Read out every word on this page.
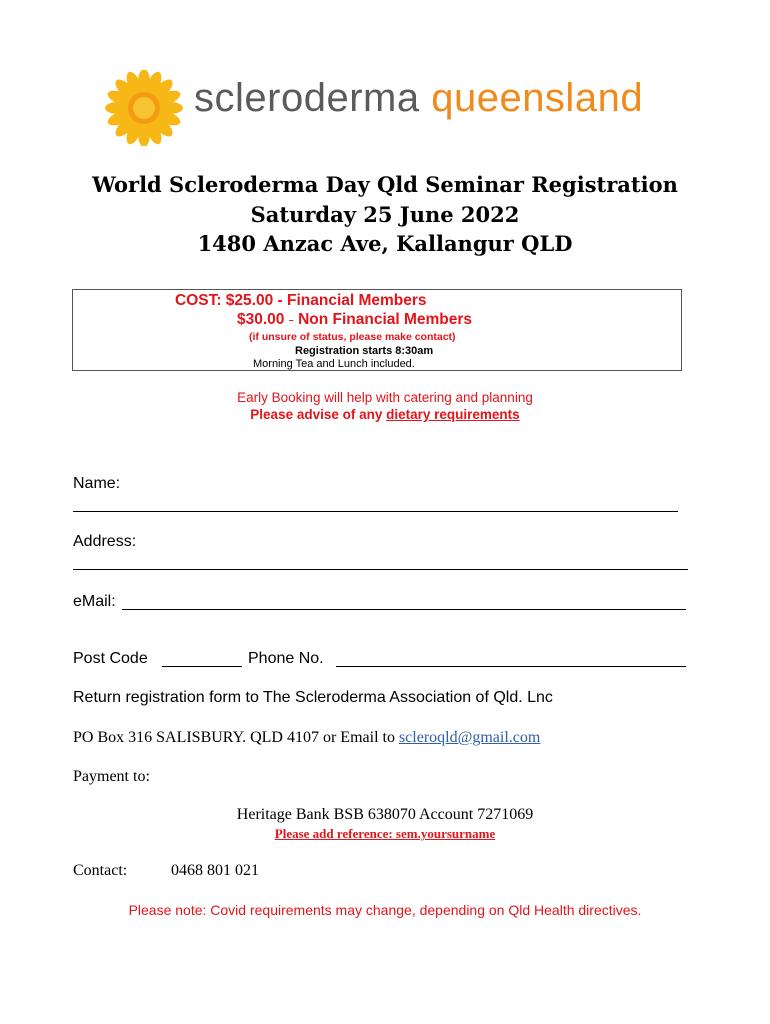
scleroderma queensland
World Scleroderma Day Qld Seminar Registration
Saturday 25 June 2022
1480 Anzac Ave, Kallangur QLD
COST: $25.00 - Financial Members
$30.00 – Non Financial Members
(if unsure of status, please make contact)
Registration starts 8:30am
Morning Tea and Lunch included.
Early Booking will help with catering and planning
Please advise of any dietary requirements
Name:
Address:
eMail:
Post Code	Phone No.
Return registration form to The Scleroderma Association of Qld. Lnc
PO Box 316 SALISBURY. QLD 4107 or Email to scleroqld@gmail.com
Payment to:
Heritage Bank BSB 638070 Account 7271069
Please add reference: sem.yoursurname
Contact:	0468 801 021
Please note: Covid requirements may change, depending on Qld Health directives.
